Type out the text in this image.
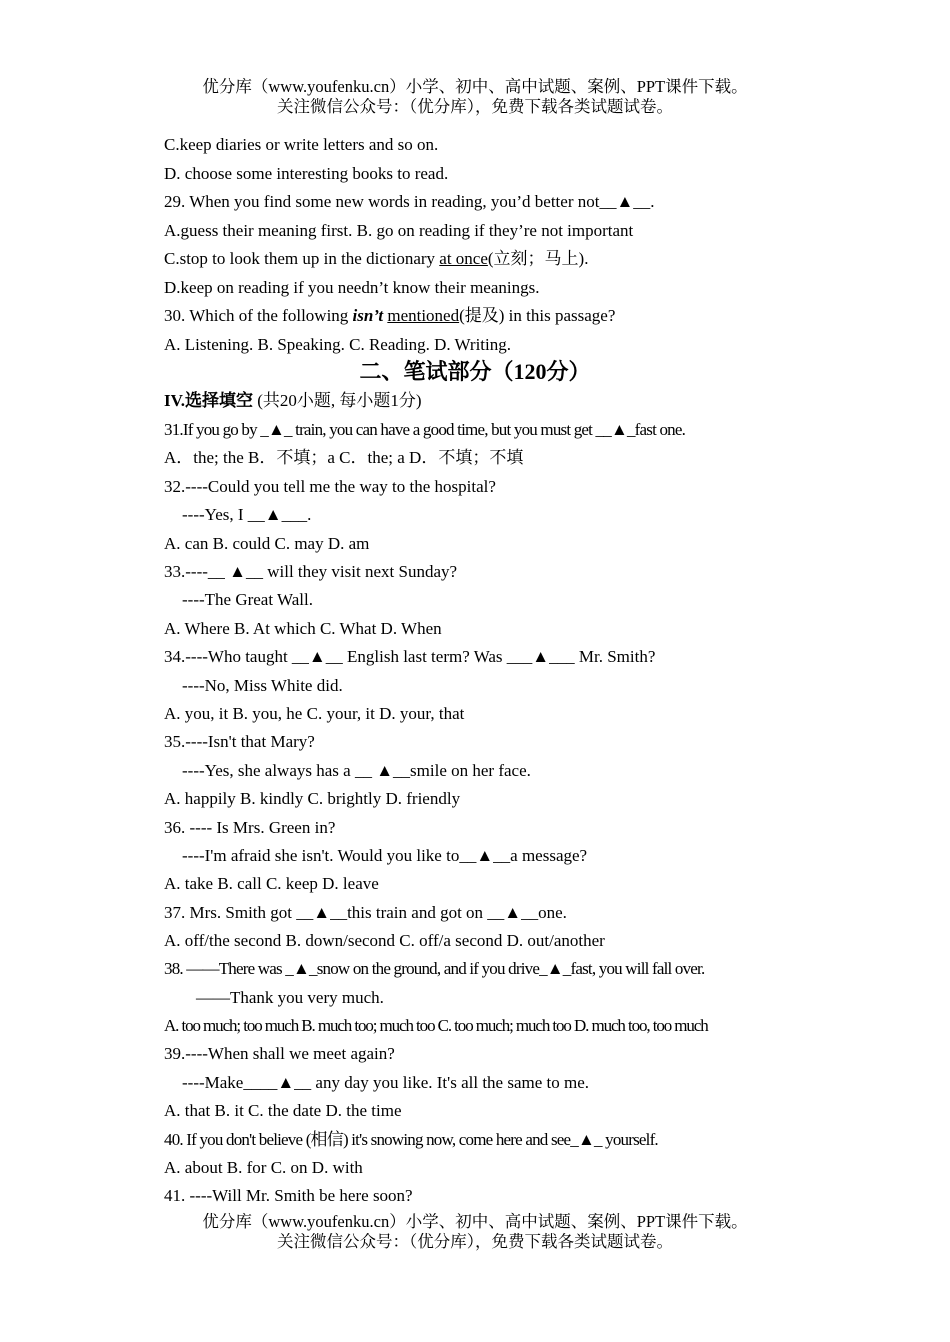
优分库（www.youfenku.cn）小学、初中、高中试题、案例、PPT课件下载。
关注微信公众号：（优分库），免费下载各类试题试卷。
C.keep diaries or write letters and so on.
D. choose some interesting books to read.
29. When you find some new words in reading, you’d better not__▲__.
A.guess their meaning first. B. go on reading if they’re not important
C.stop to look them up in the dictionary at once(立刻；马上).
D.keep on reading if you needn’t know their meanings.
30. Which of the following isn’t mentioned(提及) in this passage?
A. Listening. B. Speaking. C. Reading. D. Writing.
二、笔试部分（120分）
IV.选择填空 (共20小题, 每小题1分)
31.If you go by _▲_ train, you can have a good time, but you must get __▲_fast one.
A．the; the B．不填；a C．the; a D．不填；不填
32.----Could you tell me the way to the hospital?
----Yes, I __▲___.
A. can B. could C. may D. am
33.----__ ▲__ will they visit next Sunday?
----The Great Wall.
A. Where B. At which C. What D. When
34.----Who taught __▲__ English last term? Was ___▲___ Mr. Smith?
----No, Miss White did.
A. you, it B. you, he C. your, it D. your, that
35.----Isn't that Mary?
----Yes, she always has a __ ▲__smile on her face.
A. happily B. kindly C. brightly D. friendly
36. ---- Is Mrs. Green in?
----I'm afraid she isn't. Would you like to__▲__a message?
A. take B. call C. keep D. leave
37. Mrs. Smith got __▲__this train and got on __▲__one.
A. off/the second B. down/second C. off/a second D. out/another
38. ——There was _▲_snow on the ground, and if you drive_▲_fast, you will fall over.
——Thank you very much.
A. too much; too much B. much too; much too C. too much; much too D. much too, too much
39.----When shall we meet again?
----Make____▲__ any day you like. It's all the same to me.
A. that B. it C. the date D. the time
40. If you don't believe (相信) it's snowing now, come here and see_▲_ yourself.
A. about B. for C. on D. with
41. ----Will Mr. Smith be here soon?
优分库（www.youfenku.cn）小学、初中、高中试题、案例、PPT课件下载。
关注微信公众号：（优分库），免费下载各类试题试卷。
